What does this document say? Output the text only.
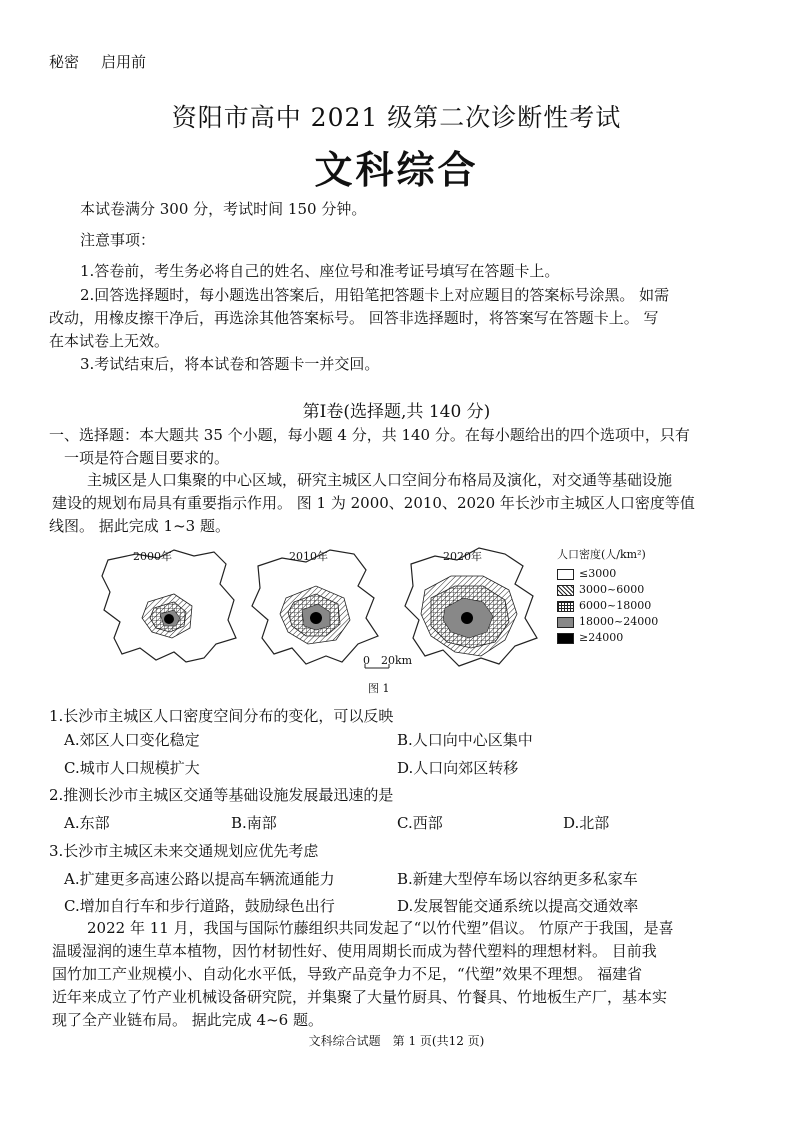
秘密 启用前
资阳市高中 2021 级第二次诊断性考试
文科综合
本试卷满分 300 分，考试时间 150 分钟。
注意事项：
1.答卷前，考生务必将自己的姓名、座位号和准考证号填写在答题卡上。
2.回答选择题时，每小题选出答案后，用铅笔把答题卡上对应题目的答案标号涂黑。 如需
改动，用橡皮擦干净后，再选涂其他答案标号。 回答非选择题时，将答案写在答题卡上。 写
在本试卷上无效。
3.考试结束后，将本试卷和答题卡一并交回。
第Ⅰ卷(选择题,共 140 分)
一、选择题：本大题共 35 个小题，每小题 4 分，共 140 分。在每小题给出的四个选项中，只有
一项是符合题目要求的。
主城区是人口集聚的中心区域，研究主城区人口空间分布格局及演化，对交通等基础设施
建设的规划布局具有重要指示作用。 图 1 为 2000、2010、2020 年长沙市主城区人口密度等值
线图。 据此完成 1~3 题。
2000年	2010年	2020年
0 20km
人口密度(人/km²)
≤3000
3000~6000
6000~18000
18000~24000
≥24000
图 1
1.长沙市主城区人口密度空间分布的变化，可以反映
A.郊区人口变化稳定	B.人口向中心区集中
C.城市人口规模扩大	D.人口向郊区转移
2.推测长沙市主城区交通等基础设施发展最迅速的是
A.东部	B.南部	C.西部	D.北部
3.长沙市主城区未来交通规划应优先考虑
A.扩建更多高速公路以提高车辆流通能力	B.新建大型停车场以容纳更多私家车
C.增加自行车和步行道路，鼓励绿色出行	D.发展智能交通系统以提高交通效率
2022 年 11 月，我国与国际竹藤组织共同发起了“以竹代塑”倡议。 竹原产于我国，是喜
温暖湿润的速生草本植物，因竹材韧性好、使用周期长而成为替代塑料的理想材料。 目前我
国竹加工产业规模小、自动化水平低，导致产品竞争力不足，“代塑”效果不理想。 福建省
近年来成立了竹产业机械设备研究院，并集聚了大量竹厨具、竹餐具、竹地板生产厂，基本实
现了全产业链布局。 据此完成 4~6 题。
文科综合试题　第 1 页(共12 页)
